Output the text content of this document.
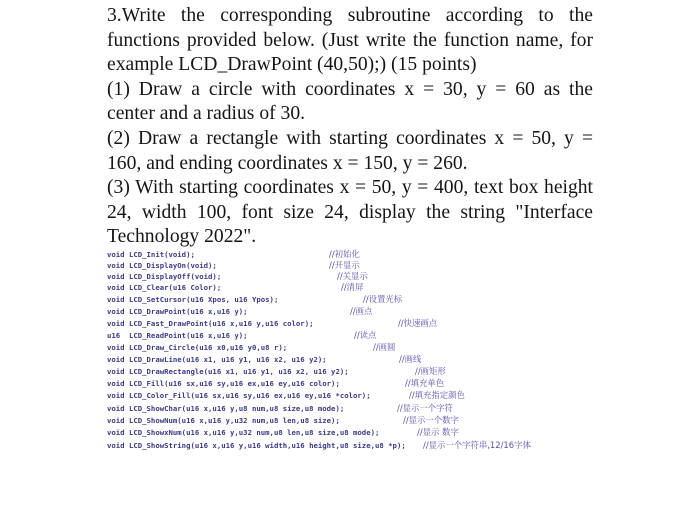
3.Write the corresponding subroutine according to the functions provided below. (Just write the function name, for example LCD_DrawPoint (40,50);) (15 points)

(1) Draw a circle with coordinates x = 30, y = 60 as the center and a radius of 30.

(2) Draw a rectangle with starting coordinates x = 50, y = 160, and ending coordinates x = 150, y = 260.

(3) With starting coordinates x = 50, y = 400, text box height 24, width 100, font size 24, display the string "Interface Technology 2022".

void LCD_Init(void);
void LCD_DisplayOn(void);
void LCD_DisplayOff(void);
void LCD_Clear(u16 Color);
void LCD_SetCursor(u16 Xpos, u16 Ypos);
void LCD_DrawPoint(u16 x,u16 y);
void LCD_Fast_DrawPoint(u16 x,u16 y,u16 color);
u16  LCD_ReadPoint(u16 x,u16 y);
void LCD_Draw_Circle(u16 x0,u16 y0,u8 r);
void LCD_DrawLine(u16 x1, u16 y1, u16 x2, u16 y2);
void LCD_DrawRectangle(u16 x1, u16 y1, u16 x2, u16 y2);
void LCD_Fill(u16 sx,u16 sy,u16 ex,u16 ey,u16 color);
void LCD_Color_Fill(u16 sx,u16 sy,u16 ex,u16 ey,u16 *color);
void LCD_ShowChar(u16 x,u16 y,u8 num,u8 size,u8 mode);
void LCD_ShowNum(u16 x,u16 y,u32 num,u8 len,u8 size);
void LCD_ShowxNum(u16 x,u16 y,u32 num,u8 len,u8 size,u8 mode);
void LCD_ShowString(u16 x,u16 y,u16 width,u16 height,u8 size,u8 *p);
//初始化
//开显示
//关显示
//清屏
//设置光标
//画点
//快速画点
//读点
//画圆
//画线
//画矩形
//填充单色
//填充指定颜色
//显示一个字符
//显示一个数字
//显示 数字
//显示一个字符串,12/16字体
